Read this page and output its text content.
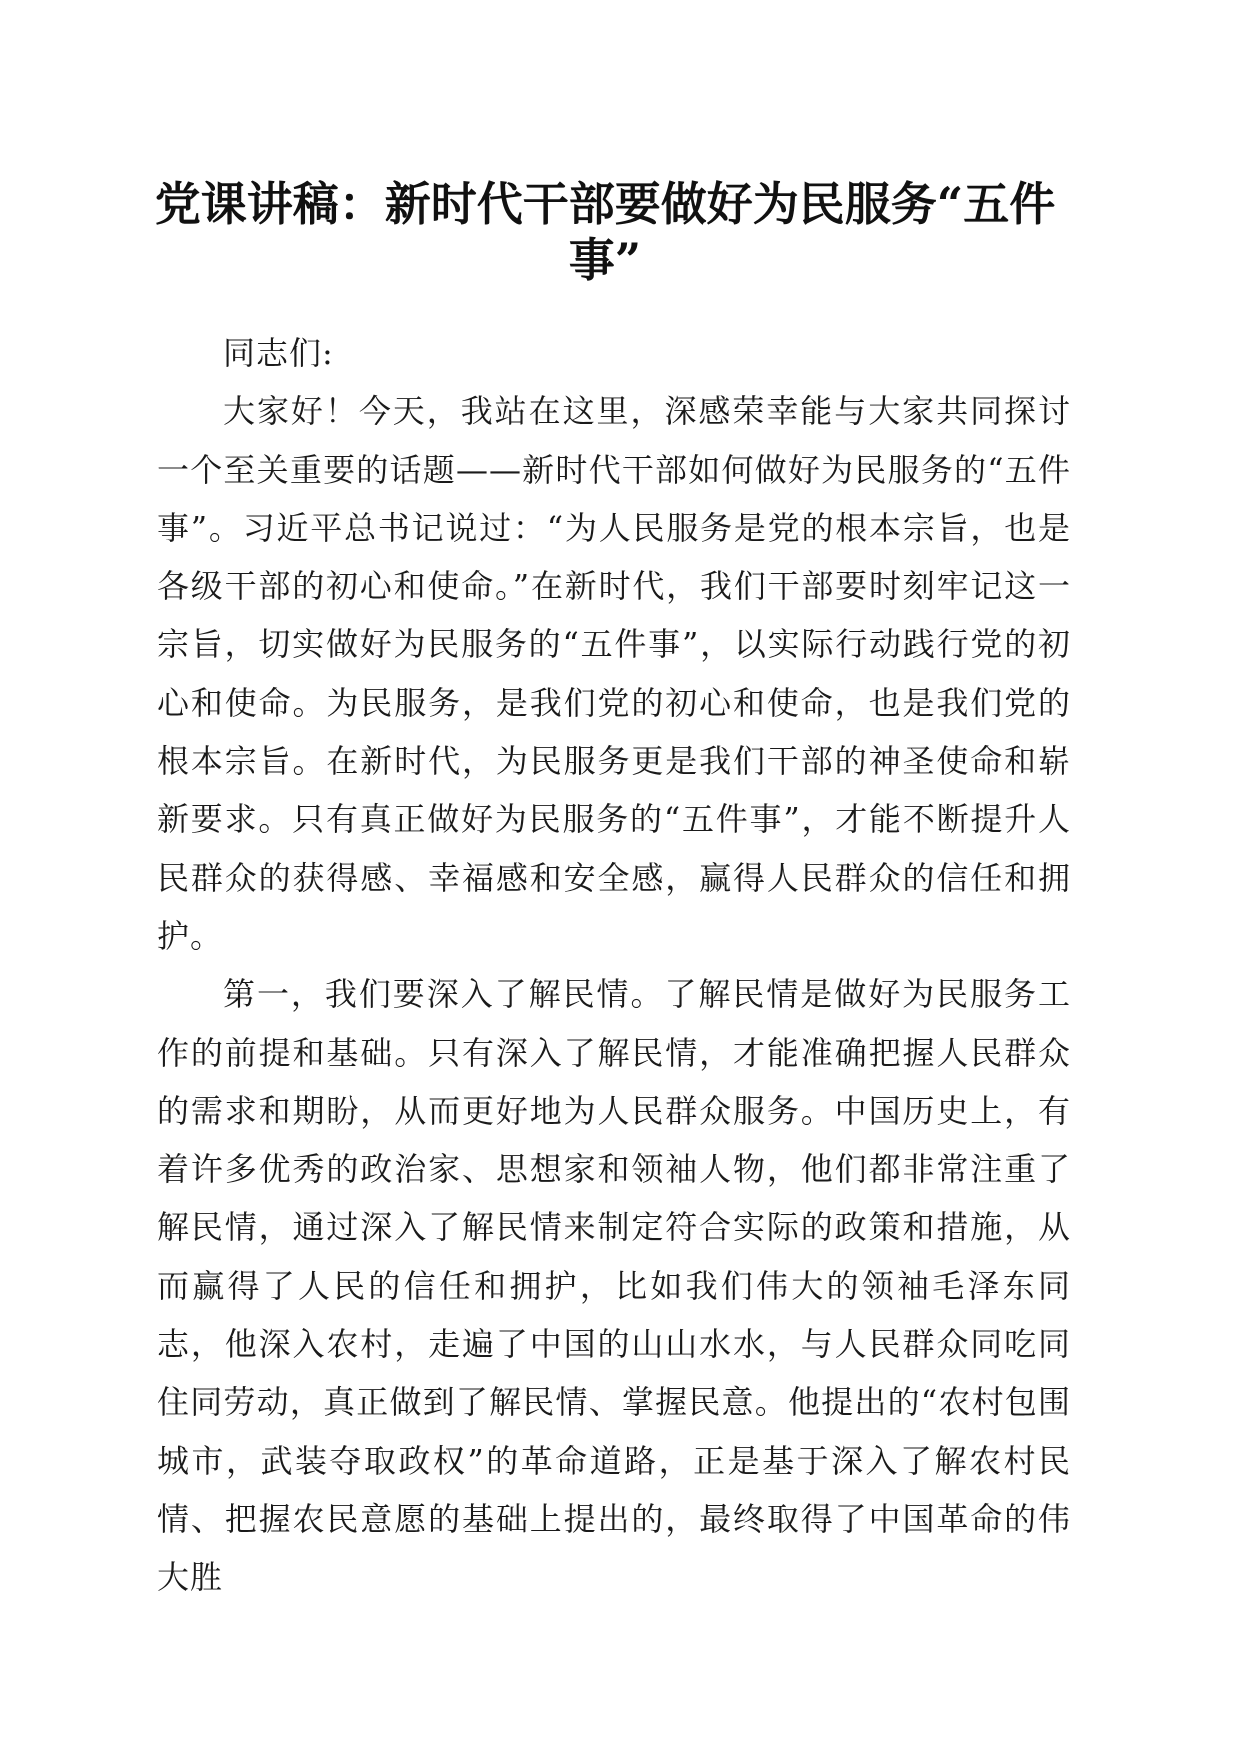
党课讲稿：新时代干部要做好为民服务“五件事”

同志们:

大家好！今天，我站在这里，深感荣幸能与大家共同探讨一个至关重要的话题——新时代干部如何做好为民服务的“五件事”。习近平总书记说过：“为人民服务是党的根本宗旨，也是各级干部的初心和使命。”在新时代，我们干部要时刻牢记这一宗旨，切实做好为民服务的“五件事”，以实际行动践行党的初心和使命。为民服务，是我们党的初心和使命，也是我们党的根本宗旨。在新时代，为民服务更是我们干部的神圣使命和崭新要求。只有真正做好为民服务的“五件事”，才能不断提升人民群众的获得感、幸福感和安全感，赢得人民群众的信任和拥护。

第一，我们要深入了解民情。了解民情是做好为民服务工作的前提和基础。只有深入了解民情，才能准确把握人民群众的需求和期盼，从而更好地为人民群众服务。中国历史上，有着许多优秀的政治家、思想家和领袖人物，他们都非常注重了解民情，通过深入了解民情来制定符合实际的政策和措施，从而赢得了人民的信任和拥护，比如我们伟大的领袖毛泽东同志，他深入农村，走遍了中国的山山水水，与人民群众同吃同住同劳动，真正做到了解民情、掌握民意。他提出的“农村包围城市，武装夺取政权”的革命道路，正是基于深入了解农村民情、把握农民意愿的基础上提出的，最终取得了中国革命的伟大胜
